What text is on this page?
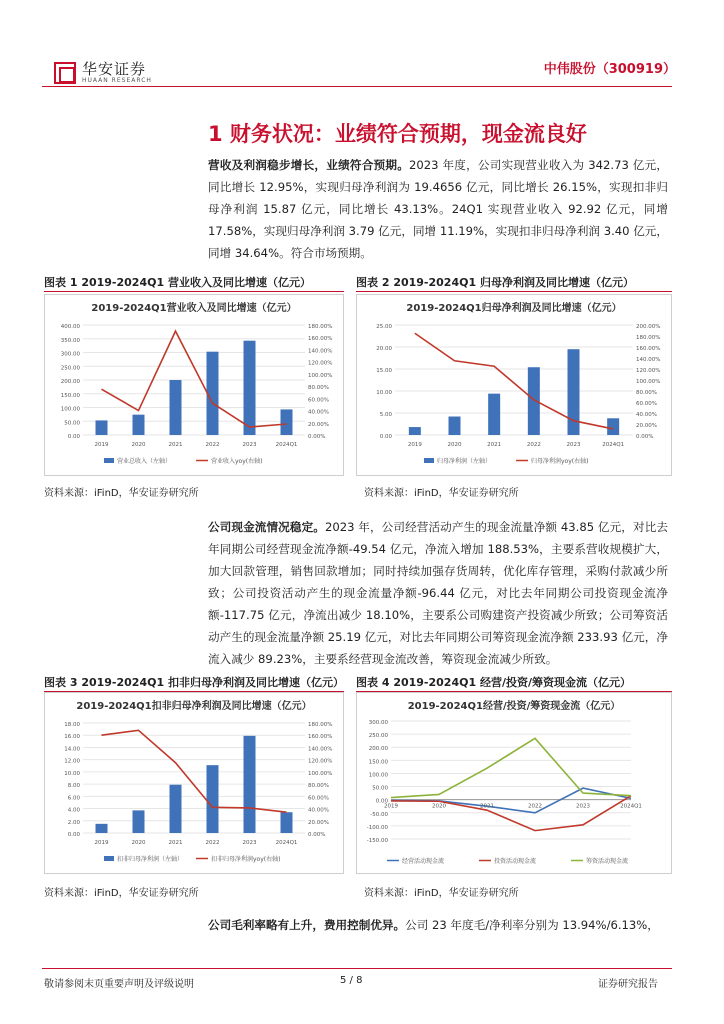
华安证券
HUAAN RESEARCH
中伟股份（300919）
1 财务状况：业绩符合预期，现金流良好
营收及利润稳步增长，业绩符合预期。2023 年度，公司实现营业收入为 342.73 亿元，同比增长 12.95%，实现归母净利润为 19.4656 亿元，同比增长 26.15%，实现扣非归母净利润 15.87 亿元，同比增长 43.13%。24Q1 实现营业收入 92.92 亿元，同增 17.58%，实现归母净利润 3.79 亿元，同增 11.19%，实现扣非归母净利润 3.40 亿元，同增 34.64%。符合市场预期。
图表 1 2019-2024Q1 营业收入及同比增速（亿元）	图表 2 2019-2024Q1 归母净利润及同比增速（亿元）
2019-2024Q1营业收入及同比增速（亿元）
0.00
50.00
100.00
150.00
200.00
250.00
300.00
350.00
400.00
0.00%
20.00%
40.00%
60.00%
80.00%
100.00%
120.00%
140.00%
160.00%
180.00%
2019	2020	2021	2022	2023	2024Q1
营业总收入（左轴）	营业收入yoy(右轴)
2019-2024Q1归母净利润及同比增速（亿元）
0.00
5.00
10.00
15.00
20.00
25.00
0.00%
20.00%
40.00%
60.00%
80.00%
100.00%
120.00%
140.00%
160.00%
180.00%
200.00%
2019	2020	2021	2022	2023	2024Q1
归母净利润（左轴）	归母净利润yoy(右轴)
资料来源：iFinD，华安证券研究所	资料来源：iFinD，华安证券研究所
公司现金流情况稳定。2023 年，公司经营活动产生的现金流量净额 43.85 亿元，对比去年同期公司经营现金流净额-49.54 亿元，净流入增加 188.53%，主要系营收规模扩大，加大回款管理，销售回款增加；同时持续加强存货周转，优化库存管理，采购付款减少所致；公司投资活动产生的现金流量净额-96.44 亿元，对比去年同期公司投资现金流净额-117.75 亿元，净流出减少 18.10%，主要系公司购建资产投资减少所致；公司筹资活动产生的现金流量净额 25.19 亿元，对比去年同期公司筹资现金流净额 233.93 亿元，净流入减少 89.23%，主要系经营现金流改善，筹资现金流减少所致。
图表 3 2019-2024Q1 扣非归母净利润及同比增速（亿元） 图表 4 2019-2024Q1 经营/投资/筹资现金流（亿元）
2019-2024Q1扣非归母净利润及同比增速（亿元）
0.00
2.00
4.00
6.00
8.00
10.00
12.00
14.00
16.00
18.00
0.00%
20.00%
40.00%
60.00%
80.00%
100.00%
120.00%
140.00%
160.00%
180.00%
2019	2020	2021	2022	2023	2024Q1
扣非归母净利润（左轴）	扣非归母净利润yoy(右轴)
2019-2024Q1经营/投资/筹资现金流（亿元）
-150.00
-100.00
-50.00
0.00
50.00
100.00
150.00
200.00
250.00
300.00
2019	2020	2021	2022	2023	2024Q1
经营活动现金流	投资活动现金流	筹资活动现金流
资料来源：iFinD，华安证券研究所	资料来源：iFinD，华安证券研究所
公司毛利率略有上升，费用控制优异。公司 23 年度毛/净利率分别为 13.94%/6.13%，
敬请参阅末页重要声明及评级说明	5 / 8	证券研究报告
